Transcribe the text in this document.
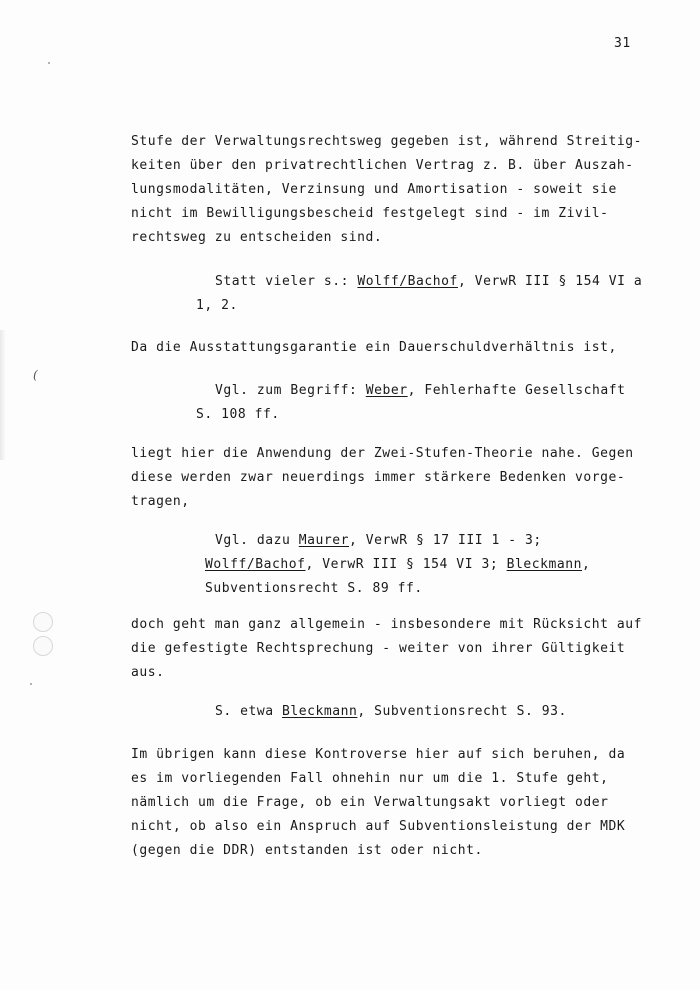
(
31
Stufe der Verwaltungsrechtsweg gegeben ist, während Streitig-
keiten über den privatrechtlichen Vertrag z. B. über Auszah-
lungsmodalitäten, Verzinsung und Amortisation - soweit sie
nicht im Bewilligungsbescheid festgelegt sind - im Zivil-
rechtsweg zu entscheiden sind.
Statt vieler s.: Wolff/Bachof, VerwR III § 154 VI a
1, 2.
Da die Ausstattungsgarantie ein Dauerschuldverhältnis ist,
Vgl. zum Begriff: Weber, Fehlerhafte Gesellschaft
S. 108 ff.
liegt hier die Anwendung der Zwei-Stufen-Theorie nahe. Gegen
diese werden zwar neuerdings immer stärkere Bedenken vorge-
tragen,
Vgl. dazu Maurer, VerwR § 17 III 1 - 3;
Wolff/Bachof, VerwR III § 154 VI 3; Bleckmann,
Subventionsrecht S. 89 ff.
doch geht man ganz allgemein - insbesondere mit Rücksicht auf
die gefestigte Rechtsprechung - weiter von ihrer Gültigkeit
aus.
S. etwa Bleckmann, Subventionsrecht S. 93.
Im übrigen kann diese Kontroverse hier auf sich beruhen, da
es im vorliegenden Fall ohnehin nur um die 1. Stufe geht,
nämlich um die Frage, ob ein Verwaltungsakt vorliegt oder
nicht, ob also ein Anspruch auf Subventionsleistung der MDK
(gegen die DDR) entstanden ist oder nicht.
